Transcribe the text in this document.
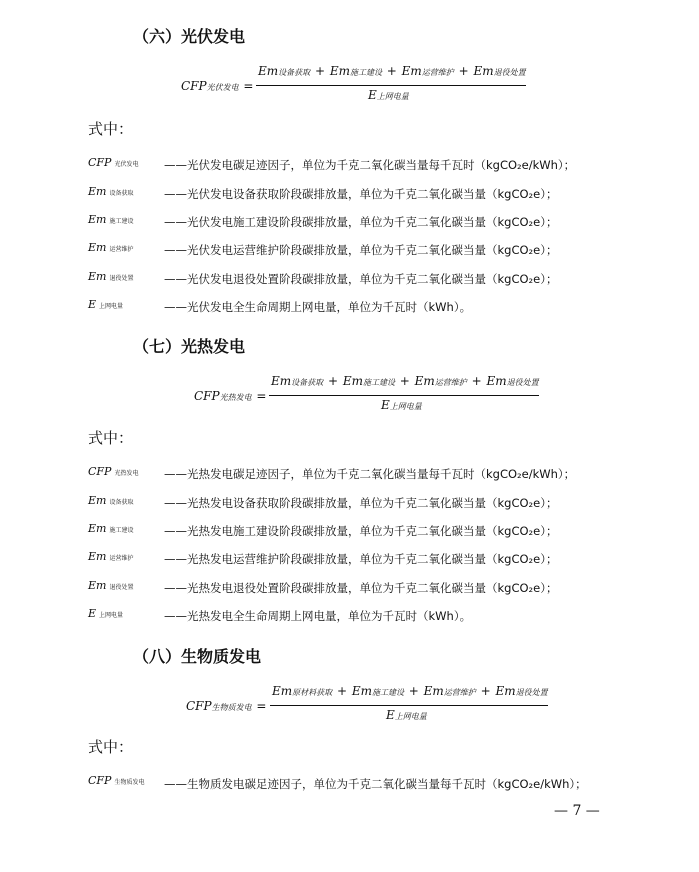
（六）光伏发电
CFP光伏发电 =
Em设备获取 + Em施工建设 + Em运营维护 + Em退役处置
E上网电量
式中：
CFP 光伏发电 ——光伏发电碳足迹因子，单位为千克二氧化碳当量每千瓦时（kgCO₂e/kWh）；
Em 设备获取	——光伏发电设备获取阶段碳排放量，单位为千克二氧化碳当量（kgCO₂e）；
Em 施工建设	——光伏发电施工建设阶段碳排放量，单位为千克二氧化碳当量（kgCO₂e）；
Em 运营维护	——光伏发电运营维护阶段碳排放量，单位为千克二氧化碳当量（kgCO₂e）；
Em 退役处置	——光伏发电退役处置阶段碳排放量，单位为千克二氧化碳当量（kgCO₂e）；
E上网电量	——光伏发电全生命周期上网电量，单位为千瓦时（kWh）。
（七）光热发电
CFP光热发电 =
Em设备获取 + Em施工建设 + Em运营维护 + Em退役处置
E上网电量
式中：
CFP 光热发电 ——光热发电碳足迹因子，单位为千克二氧化碳当量每千瓦时（kgCO₂e/kWh）；
Em 设备获取	——光热发电设备获取阶段碳排放量，单位为千克二氧化碳当量（kgCO₂e）；
Em 施工建设	——光热发电施工建设阶段碳排放量，单位为千克二氧化碳当量（kgCO₂e）；
Em 运营维护	——光热发电运营维护阶段碳排放量，单位为千克二氧化碳当量（kgCO₂e）；
Em 退役处置	——光热发电退役处置阶段碳排放量，单位为千克二氧化碳当量（kgCO₂e）；
E上网电量	——光热发电全生命周期上网电量，单位为千瓦时（kWh）。
（八）生物质发电
CFP生物质发电 =
Em原材料获取 + Em施工建设 + Em运营维护 + Em退役处置
E上网电量
式中：
CFP 生物质发电 ——生物质发电碳足迹因子，单位为千克二氧化碳当量每千瓦时（kgCO₂e/kWh）；
— 7 —
